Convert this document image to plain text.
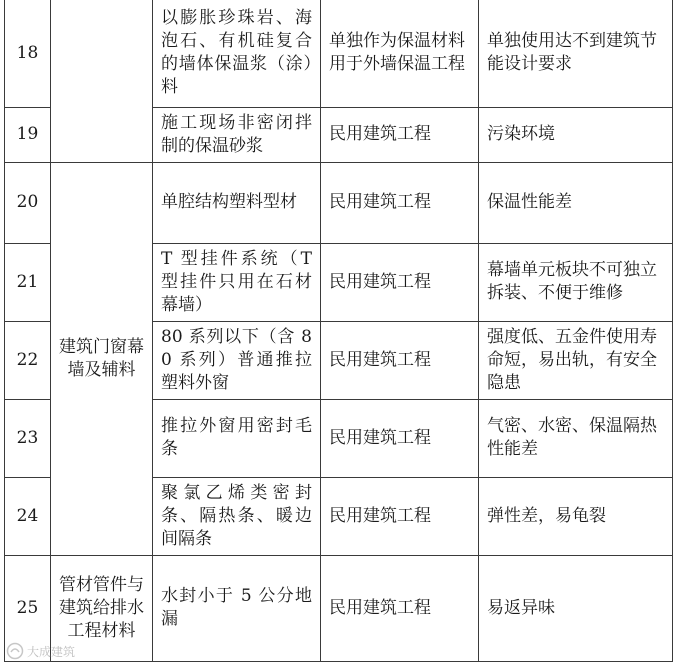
18		以膨胀珍珠岩、海泡石、有机硅复合的墙体保温浆（涂）料	单独作为保温材料用于外墙保温工程	单独使用达不到建筑节能设计要求
19		施工现场非密闭拌制的保温砂浆	民用建筑工程	污染环境
20	建筑门窗幕墙及辅料	单腔结构塑料型材	民用建筑工程	保温性能差
21		T 型挂件系统（T 型挂件只用在石材幕墙）	民用建筑工程	幕墙单元板块不可独立拆装、不便于维修
22		80 系列以下（含 80 系列）普通推拉塑料外窗	民用建筑工程	强度低、五金件使用寿命短，易出轨，有安全隐患
23		推拉外窗用密封毛条	民用建筑工程	气密、水密、保温隔热性能差
24		聚氯乙烯类密封条、隔热条、暖边间隔条	民用建筑工程	弹性差，易龟裂
25	管材管件与建筑给排水工程材料	水封小于 5 公分地漏	民用建筑工程	易返异味
大成建筑
